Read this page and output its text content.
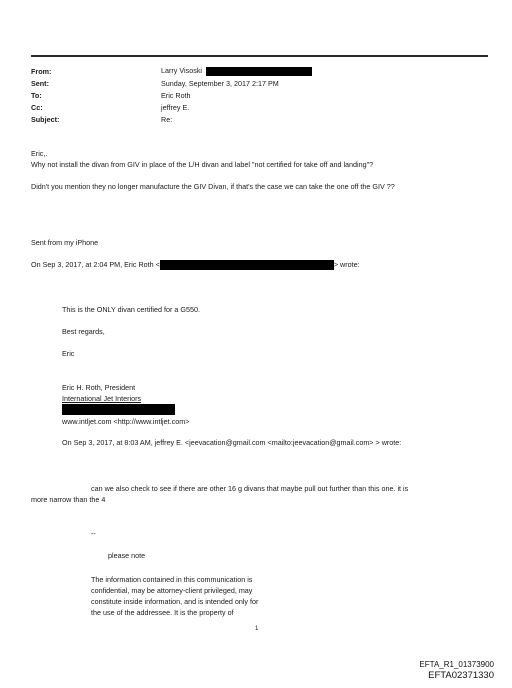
From:	Larry Visoski
Sent:	Sunday, September 3, 2017 2:17 PM
To:	Eric Roth
Cc:	jeffrey E.
Subject:	Re:
Eric,.
Why not install the divan from GIV in place of the L/H divan and label "not certified for take off and landing"?
Didn't you mention they no longer manufacture the GIV Divan, if that's the case we can take the one off the GIV ??
Sent from my iPhone
On Sep 3, 2017, at 2:04 PM, Eric Roth <	> wrote:
This is the ONLY divan certified for a G550.
Best regards,
Eric
Eric H. Roth, President
International Jet Interiors
www.intljet.com <http://www.intljet.com>
On Sep 3, 2017, at 8:03 AM, jeffrey E. <jeevacation@gmail.com <mailto:jeevacation@gmail.com> > wrote:
can we also check to see if there are other 16 g divans that maybe pull out further than this one. it is
more narrow than the 4
--
please note
The information contained in this communication is
confidential, may be attorney-client privileged, may
constitute inside information, and is intended only for
the use of the addressee. It is the property of
1
EFTA_R1_01373900
EFTA02371330
